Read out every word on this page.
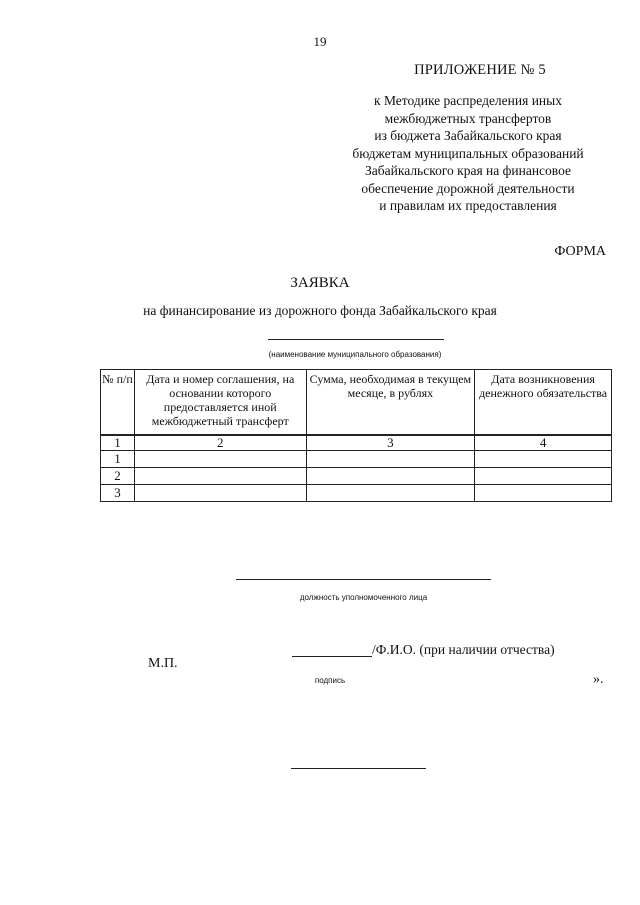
19
ПРИЛОЖЕНИЕ № 5
к Методике распределения иных
межбюджетных трансфертов
из бюджета Забайкальского края
бюджетам муниципальных образований
Забайкальского края на финансовое
обеспечение дорожной деятельности
и правилам их предоставления
ФОРМА
ЗАЯВКА
на финансирование из дорожного фонда Забайкальского края
(наименование муниципального образования)
№ п/п	Дата и номер соглашения, на основании которого предоставляется иной межбюджетный трансферт	Сумма, необходимая в текущем месяце, в рублях	Дата возникновения денежного обязательства
1	2	3	4
1			
2			
3			
должность уполномоченного лица
М.П.
/Ф.И.О. (при наличии отчества)
подпись	».
